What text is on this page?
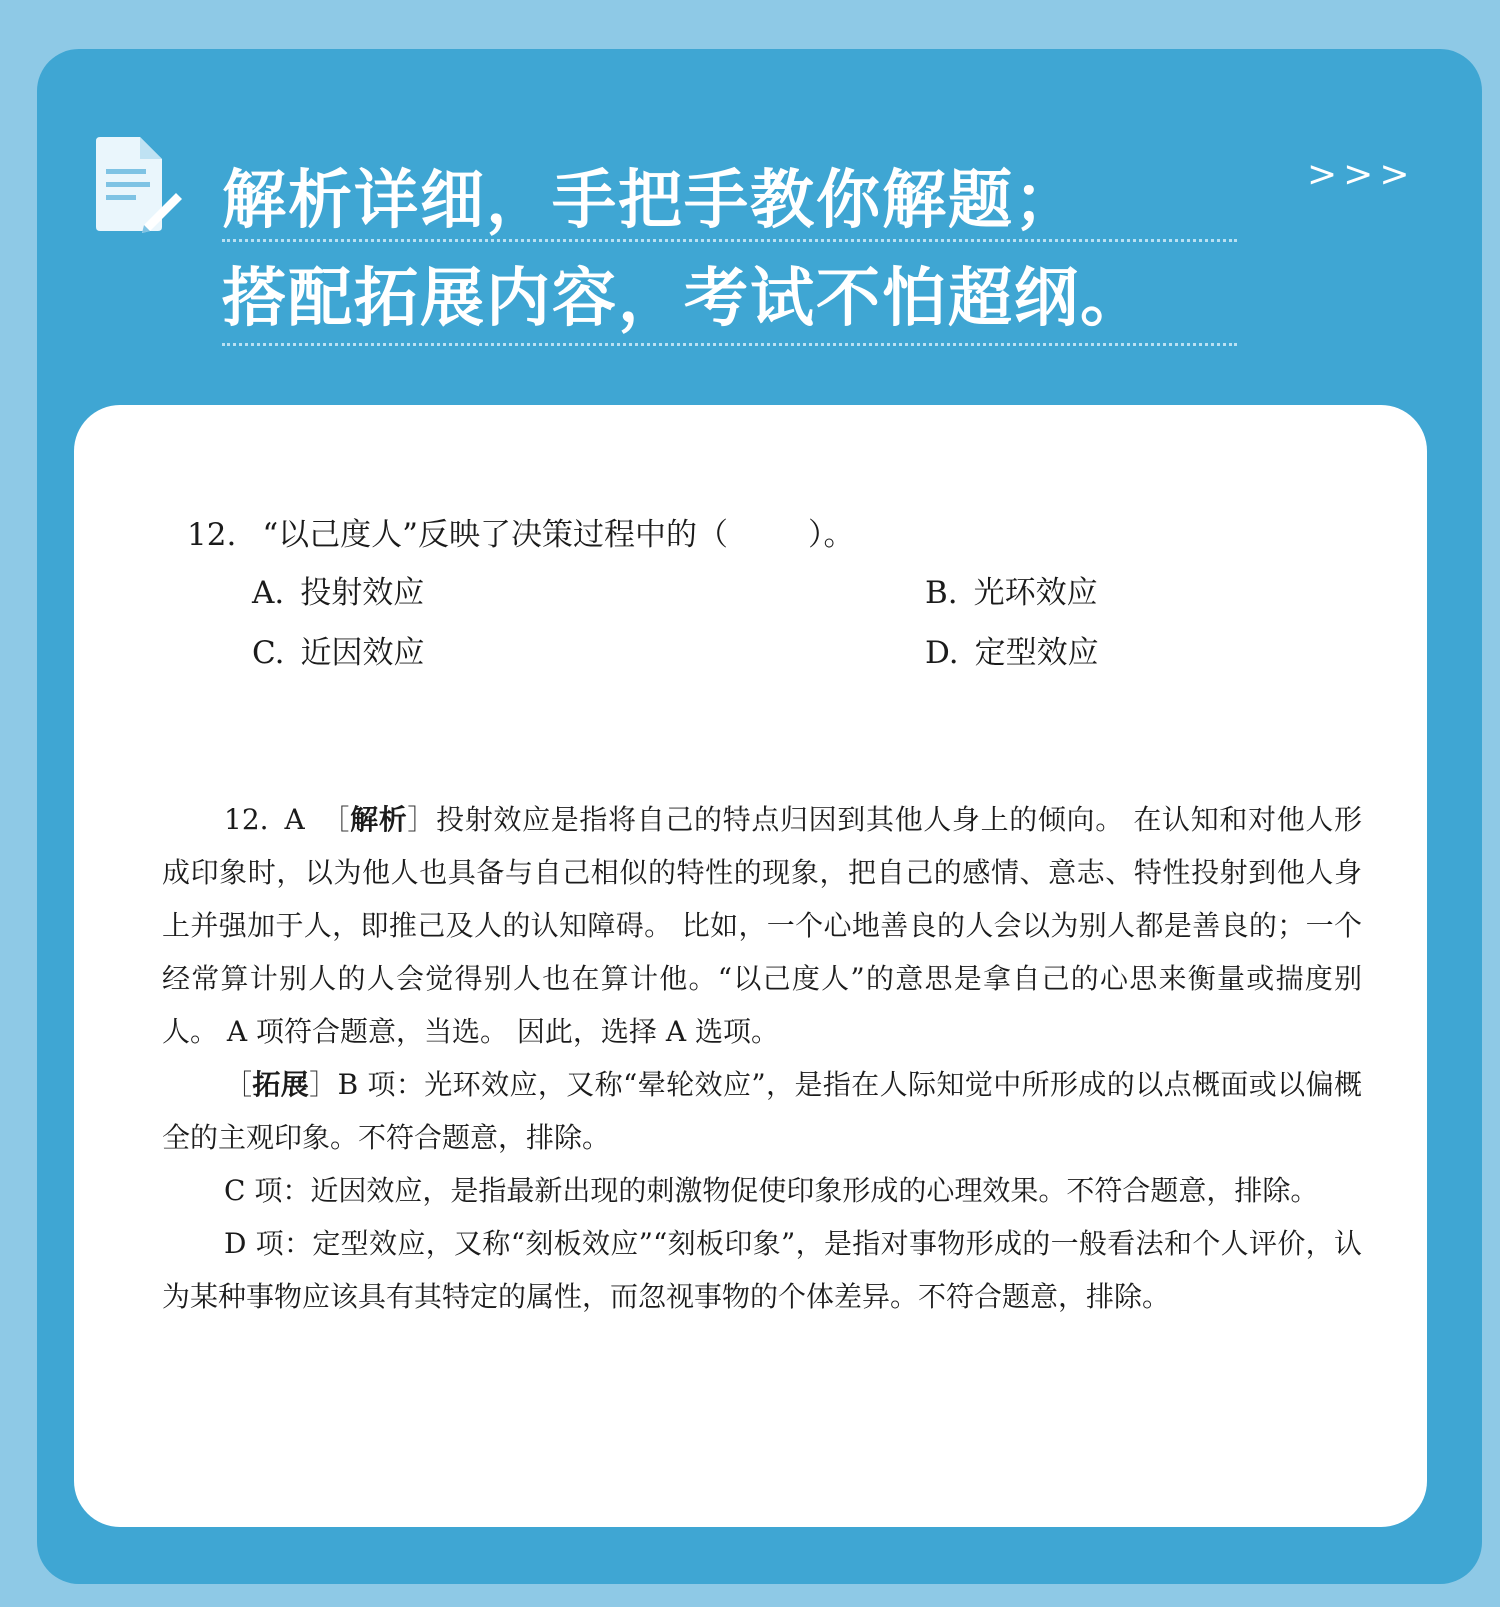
解析详细，手把手教你解题；
搭配拓展内容，考试不怕超纲。
>>>
12. “以己度人”反映了决策过程中的（	）。
A. 投射效应	B. 光环效应
C. 近因效应	D. 定型效应

12. A ［解析］投射效应是指将自己的特点归因到其他人身上的倾向。 在认知和对他人形成印象时，以为他人也具备与自己相似的特性的现象，把自己的感情、意志、特性投射到他人身上并强加于人，即推己及人的认知障碍。 比如，一个心地善良的人会以为别人都是善良的；一个经常算计别人的人会觉得别人也在算计他。“以己度人”的意思是拿自己的心思来衡量或揣度别人。 A 项符合题意，当选。 因此，选择 A 选项。

［拓展］B 项：光环效应，又称“晕轮效应”，是指在人际知觉中所形成的以点概面或以偏概全的主观印象。不符合题意，排除。

C 项：近因效应，是指最新出现的刺激物促使印象形成的心理效果。不符合题意，排除。

D 项：定型效应，又称“刻板效应”“刻板印象”，是指对事物形成的一般看法和个人评价，认为某种事物应该具有其特定的属性，而忽视事物的个体差异。不符合题意，排除。
